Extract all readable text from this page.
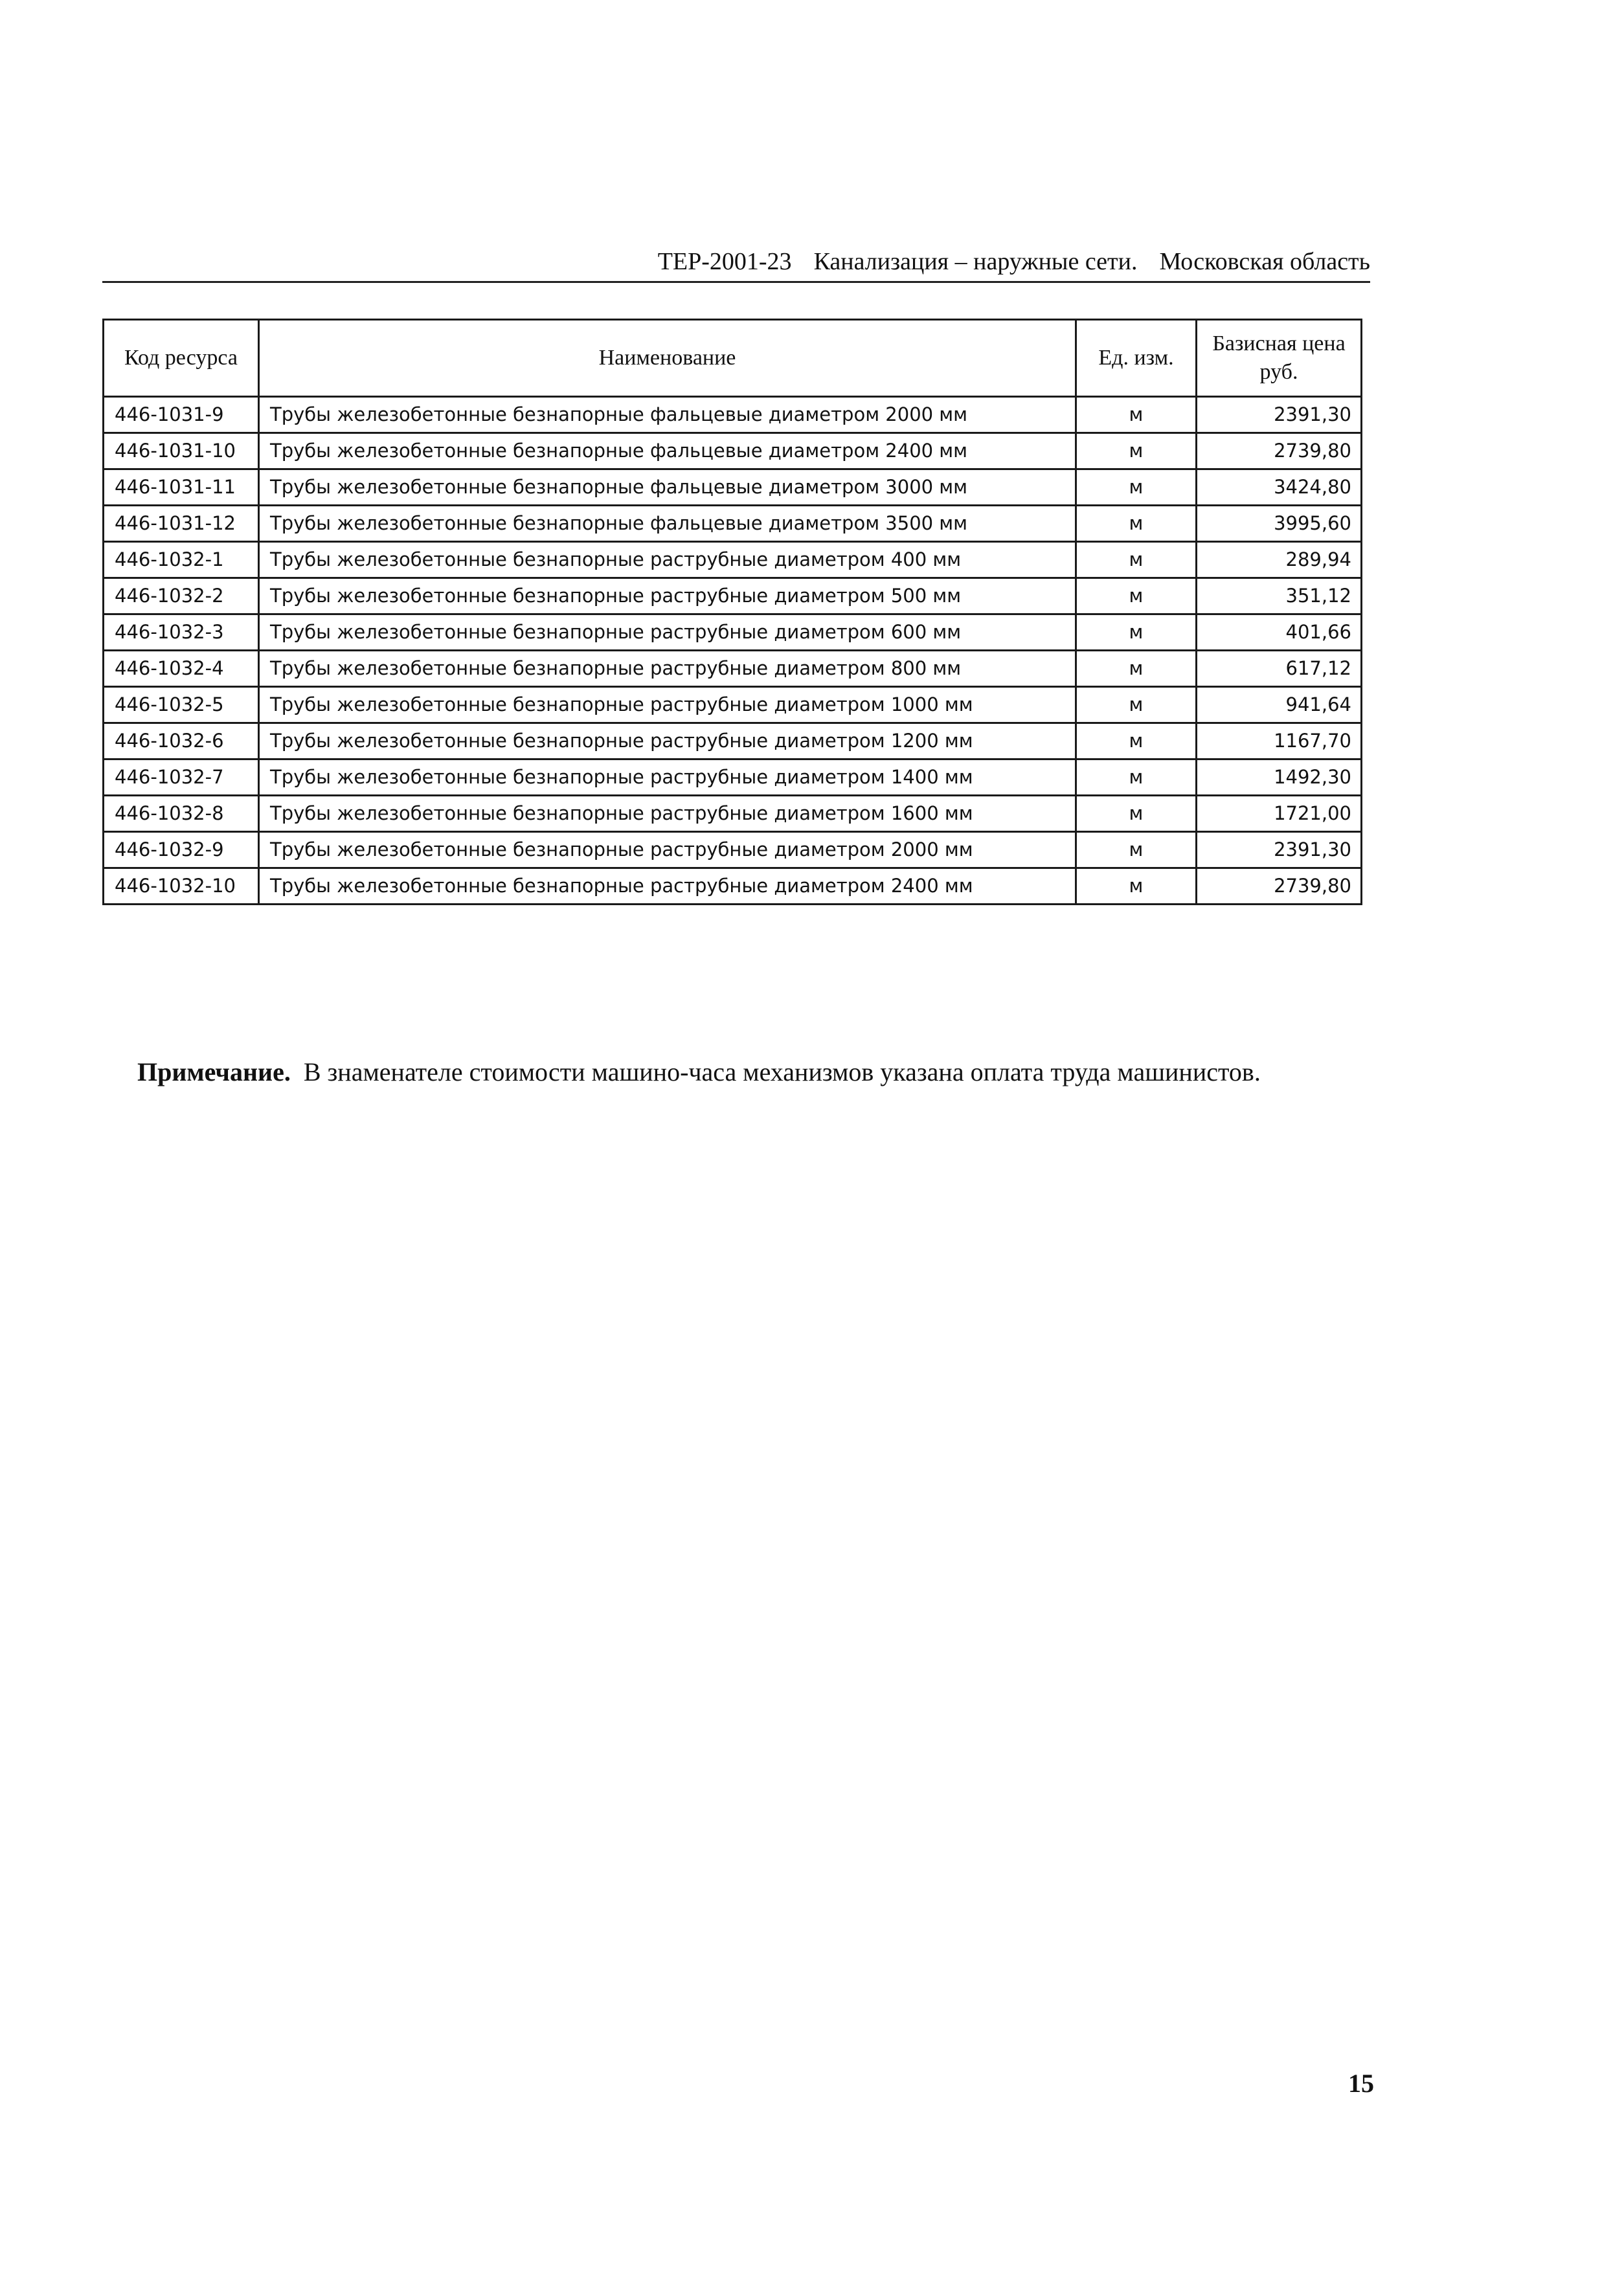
ТЕР-2001-23 Канализация – наружные сети. Московская область
Код ресурса	Наименование	Ед. изм.	Базисная цена руб.
446-1031-9	Трубы железобетонные безнапорные фальцевые диаметром 2000 мм	м	2391,30
446-1031-10	Трубы железобетонные безнапорные фальцевые диаметром 2400 мм	м	2739,80
446-1031-11	Трубы железобетонные безнапорные фальцевые диаметром 3000 мм	м	3424,80
446-1031-12	Трубы железобетонные безнапорные фальцевые диаметром 3500 мм	м	3995,60
446-1032-1	Трубы железобетонные безнапорные раструбные диаметром 400 мм	м	289,94
446-1032-2	Трубы железобетонные безнапорные раструбные диаметром 500 мм	м	351,12
446-1032-3	Трубы железобетонные безнапорные раструбные диаметром 600 мм	м	401,66
446-1032-4	Трубы железобетонные безнапорные раструбные диаметром 800 мм	м	617,12
446-1032-5	Трубы железобетонные безнапорные раструбные диаметром 1000 мм	м	941,64
446-1032-6	Трубы железобетонные безнапорные раструбные диаметром 1200 мм	м	1167,70
446-1032-7	Трубы железобетонные безнапорные раструбные диаметром 1400 мм	м	1492,30
446-1032-8	Трубы железобетонные безнапорные раструбные диаметром 1600 мм	м	1721,00
446-1032-9	Трубы железобетонные безнапорные раструбные диаметром 2000 мм	м	2391,30
446-1032-10	Трубы железобетонные безнапорные раструбные диаметром 2400 мм	м	2739,80
Примечание. В знаменателе стоимости машино-часа механизмов указана оплата труда машинистов.
15
